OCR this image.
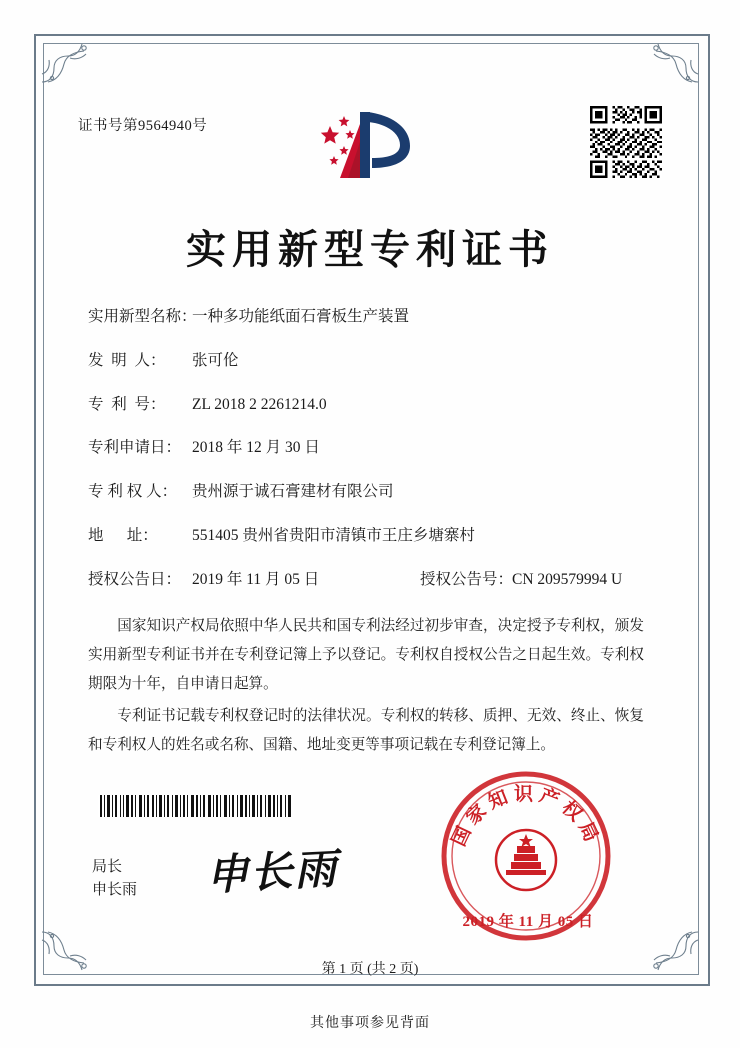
证书号第9564940号
实用新型专利证书
实用新型名称：
一种多功能纸面石膏板生产装置
发  明  人：	张可伦
专  利  号：	ZL 2018 2 2261214.0
专利申请日： 2018 年 12 月 30 日
专 利 权 人： 贵州源于诚石膏建材有限公司
地      址：	551405 贵州省贵阳市清镇市王庄乡塘寨村
授权公告日： 2019 年 11 月 05 日	授权公告号：
CN 209579994 U

国家知识产权局依照中华人民共和国专利法经过初步审查，决定授予专利权，颁发实用新型专利证书并在专利登记簿上予以登记。专利权自授权公告之日起生效。专利权期限为十年，自申请日起算。

专利证书记载专利权登记时的法律状况。专利权的转移、质押、无效、终止、恢复和专利权人的姓名或名称、国籍、地址变更等事项记载在专利登记簿上。

局长
申长雨 申长雨
国家知识产权局
2019 年 11 月 05 日
第 1 页 (共 2 页)
其他事项参见背面
